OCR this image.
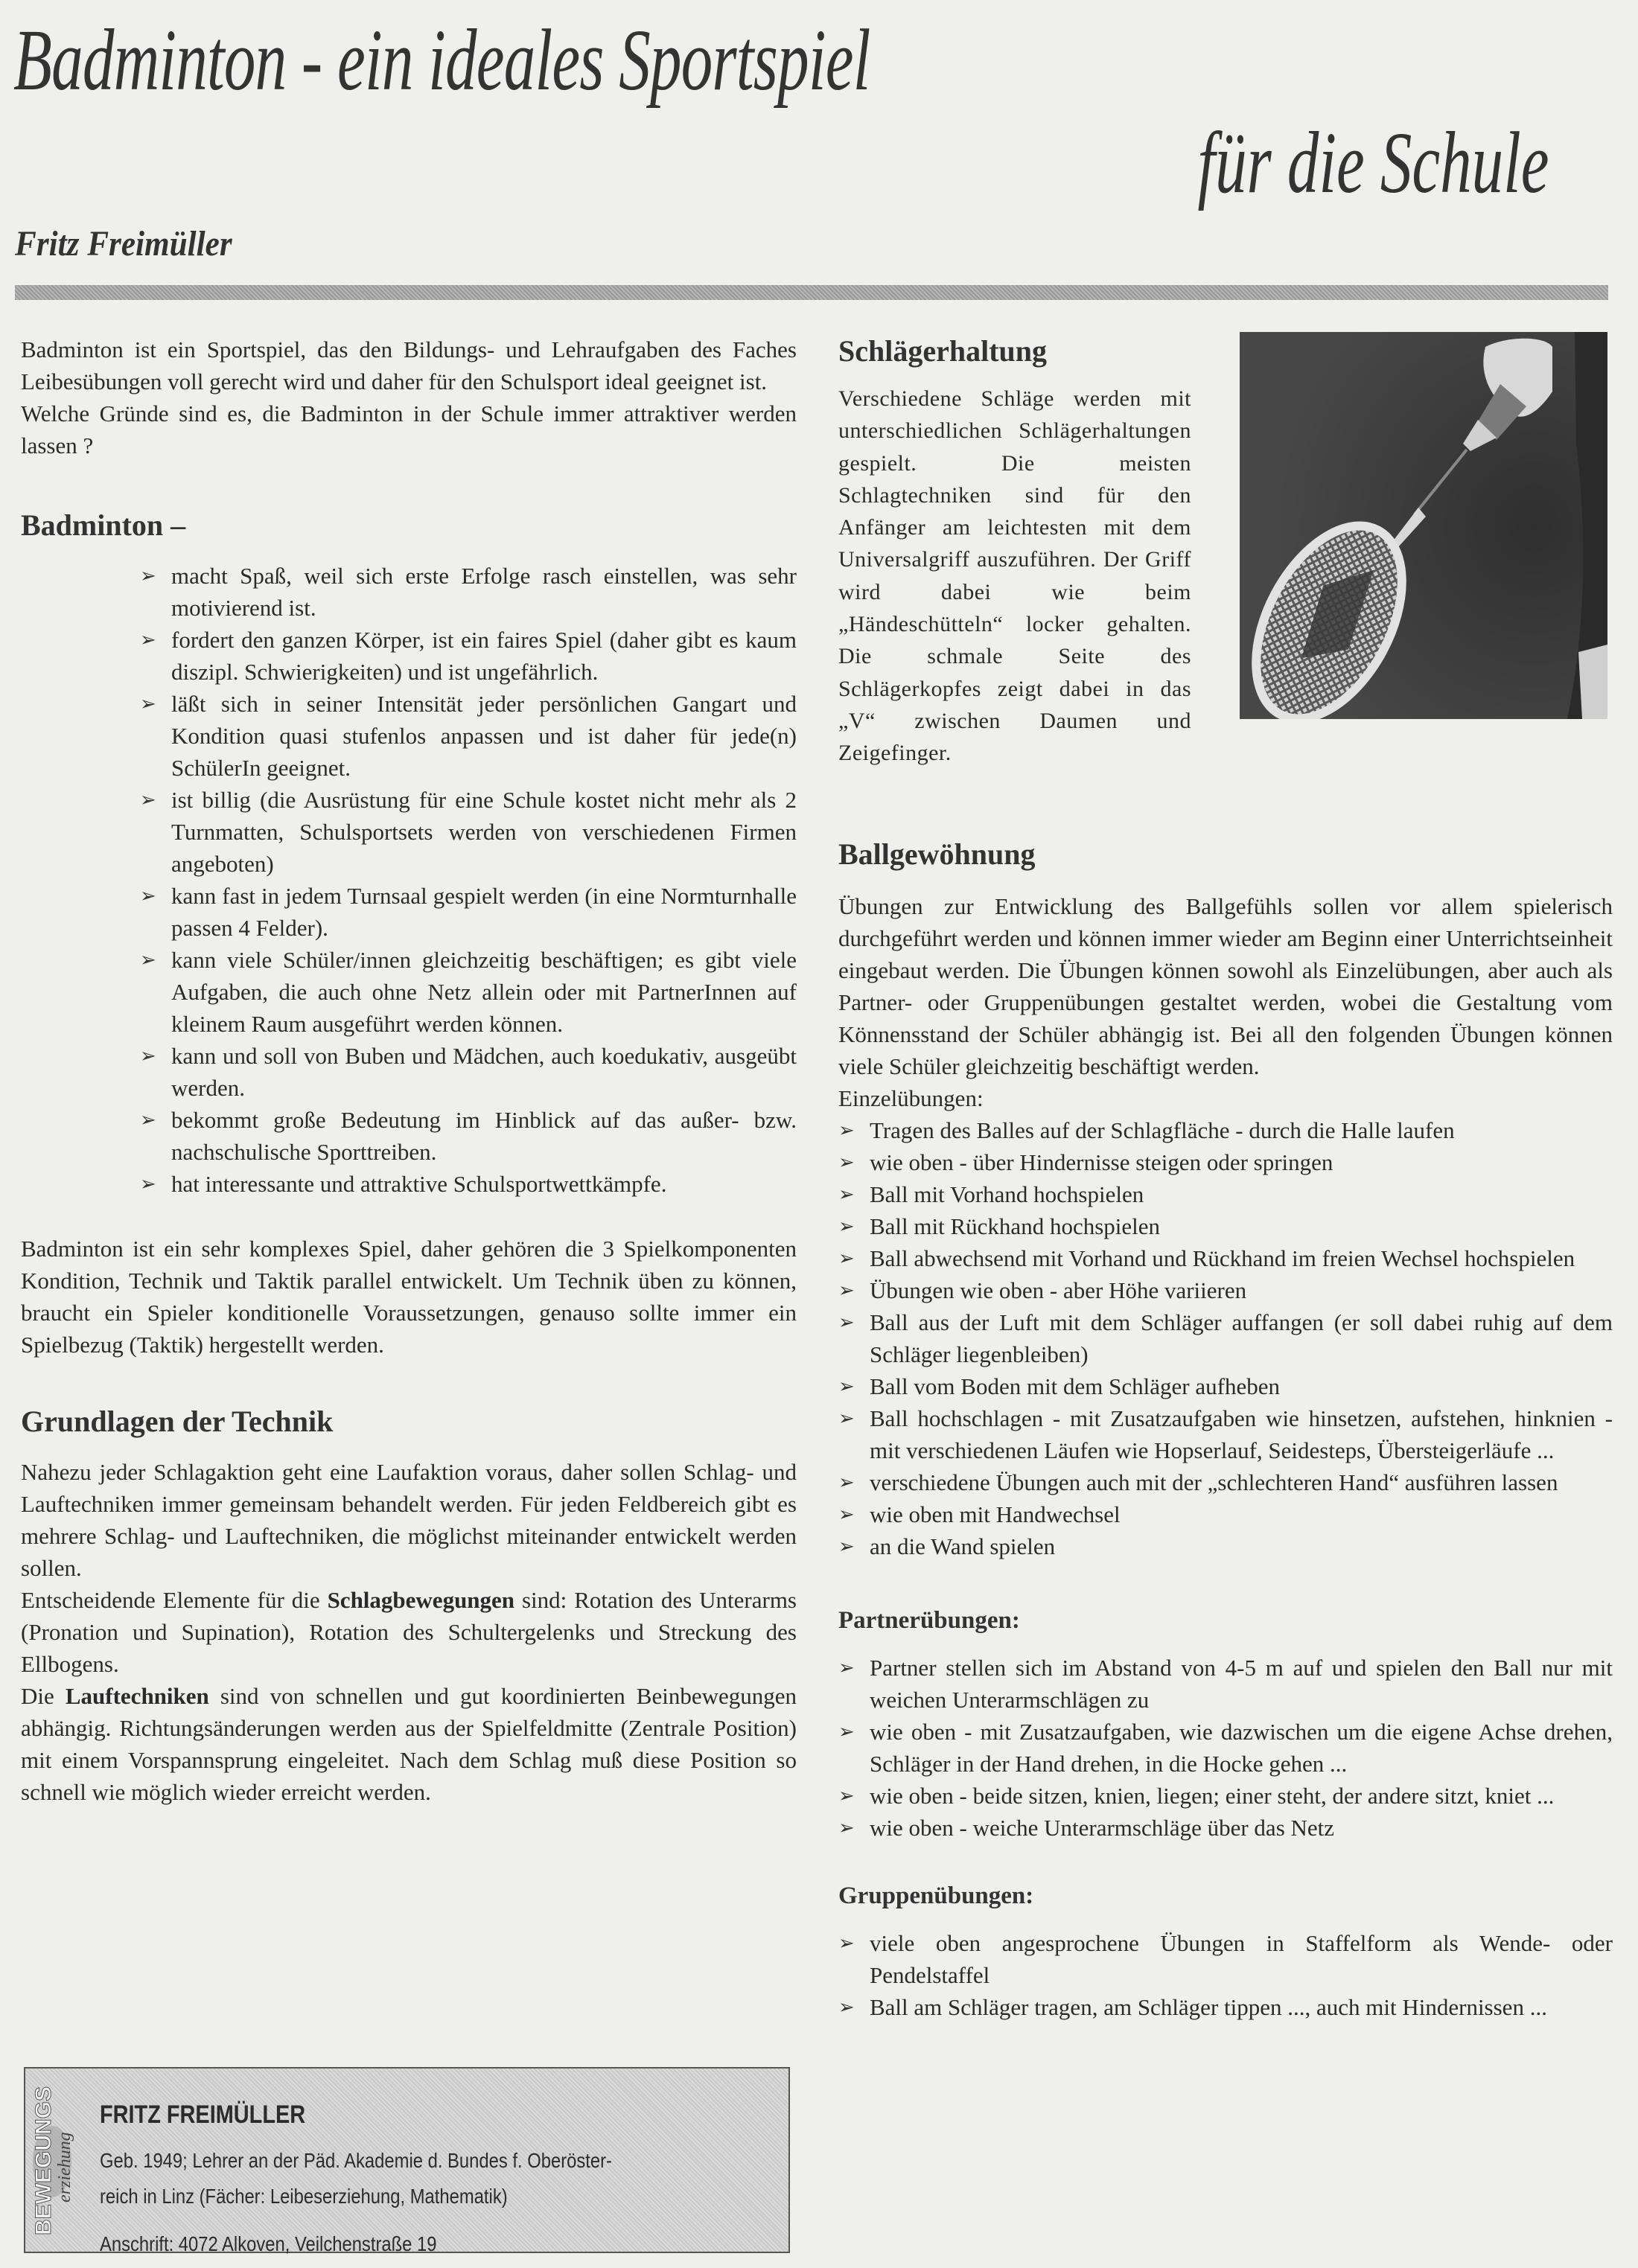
Badminton - ein ideales Sportspiel
für die Schule
Fritz Freimüller

Badminton ist ein Sportspiel, das den Bildungs- und Lehraufgaben des Faches Leibesübungen voll gerecht wird und daher für den Schulsport ideal geeignet ist.

Welche Gründe sind es, die Badminton in der Schule immer attraktiver werden lassen ?

Badminton –
➢ macht Spaß, weil sich erste Erfolge rasch einstellen, was sehr motivierend ist.
➢ fordert den ganzen Körper, ist ein faires Spiel (daher gibt es kaum diszipl. Schwierigkeiten) und ist ungefährlich.
➢ läßt sich in seiner Intensität jeder persönlichen Gangart und Kondition quasi stufenlos anpassen und ist daher für jede(n) SchülerIn geeignet.
➢ ist billig (die Ausrüstung für eine Schule kostet nicht mehr als 2 Turnmatten, Schulsportsets werden von verschiedenen Firmen angeboten)
➢ kann fast in jedem Turnsaal gespielt werden (in eine Normturnhalle passen 4 Felder).
➢ kann viele Schüler/innen gleichzeitig beschäftigen; es gibt viele Aufgaben, die auch ohne Netz allein oder mit PartnerInnen auf kleinem Raum ausgeführt werden können.
➢ kann und soll von Buben und Mädchen, auch koedukativ, ausgeübt werden.
➢ bekommt große Bedeutung im Hinblick auf das außer- bzw. nachschulische Sporttreiben.
➢ hat interessante und attraktive Schulsportwettkämpfe.

Badminton ist ein sehr komplexes Spiel, daher gehören die 3 Spielkomponenten Kondition, Technik und Taktik parallel entwickelt. Um Technik üben zu können, braucht ein Spieler konditionelle Voraussetzungen, genauso sollte immer ein Spielbezug (Taktik) hergestellt werden.

Grundlagen der Technik

Nahezu jeder Schlagaktion geht eine Laufaktion voraus, daher sollen Schlag- und Lauftechniken immer gemeinsam behandelt werden. Für jeden Feldbereich gibt es mehrere Schlag- und Lauftechniken, die möglichst miteinander entwickelt werden sollen.

Entscheidende Elemente für die Schlagbewegungen sind: Rotation des Unterarms (Pronation und Supination), Rotation des Schultergelenks und Streckung des Ellbogens.

Die Lauftechniken sind von schnellen und gut koordinierten Beinbewegungen abhängig. Richtungsänderungen werden aus der Spielfeldmitte (Zentrale Position) mit einem Vorspannsprung eingeleitet. Nach dem Schlag muß diese Position so schnell wie möglich wieder erreicht werden.

BEWEGUNGS erziehung
FRITZ FREIMÜLLER
Geb. 1949; Lehrer an der Päd. Akademie d. Bundes f. Oberöster-
reich in Linz (Fächer: Leibeserziehung, Mathematik)
Anschrift: 4072 Alkoven, Veilchenstraße 19
Schlägerhaltung

Verschiedene Schläge werden mit unterschiedlichen Schlägerhaltungen gespielt. Die meisten Schlagtechniken sind für den Anfänger am leichtesten mit dem Universalgriff auszuführen. Der Griff wird dabei wie beim „Händeschütteln“ locker gehalten. Die schmale Seite des Schlägerkopfes zeigt dabei in das „V“ zwischen Daumen und Zeigefinger.

Ballgewöhnung

Übungen zur Entwicklung des Ballgefühls sollen vor allem spielerisch durchgeführt werden und können immer wieder am Beginn einer Unterrichtseinheit eingebaut werden. Die Übungen können sowohl als Einzelübungen, aber auch als Partner- oder Gruppenübungen gestaltet werden, wobei die Gestaltung vom Könnensstand der Schüler abhängig ist. Bei all den folgenden Übungen können viele Schüler gleichzeitig beschäftigt werden.

Einzelübungen:

➢ Tragen des Balles auf der Schlagfläche - durch die Halle laufen
➢ wie oben - über Hindernisse steigen oder springen
➢ Ball mit Vorhand hochspielen
➢ Ball mit Rückhand hochspielen
➢ Ball abwechsend mit Vorhand und Rückhand im freien Wechsel hochspielen
➢ Übungen wie oben - aber Höhe variieren
➢ Ball aus der Luft mit dem Schläger auffangen (er soll dabei ruhig auf dem Schläger liegenbleiben)
➢ Ball vom Boden mit dem Schläger aufheben
➢ Ball hochschlagen - mit Zusatzaufgaben wie hinsetzen, aufstehen, hinknien - mit verschiedenen Läufen wie Hopserlauf, Seidesteps, Übersteigerläufe ...
➢ verschiedene Übungen auch mit der „schlechteren Hand“ ausführen lassen
➢ wie oben mit Handwechsel
➢ an die Wand spielen
Partnerübungen:
➢ Partner stellen sich im Abstand von 4-5 m auf und spielen den Ball nur mit weichen Unterarmschlägen zu
➢ wie oben - mit Zusatzaufgaben, wie dazwischen um die eigene Achse drehen, Schläger in der Hand drehen, in die Hocke gehen ...
➢ wie oben - beide sitzen, knien, liegen; einer steht, der andere sitzt, kniet ...
➢ wie oben - weiche Unterarmschläge über das Netz
Gruppenübungen:
➢ viele oben angesprochene Übungen in Staffelform als Wende- oder Pendelstaffel
➢ Ball am Schläger tragen, am Schläger tippen ..., auch mit Hindernissen ...
